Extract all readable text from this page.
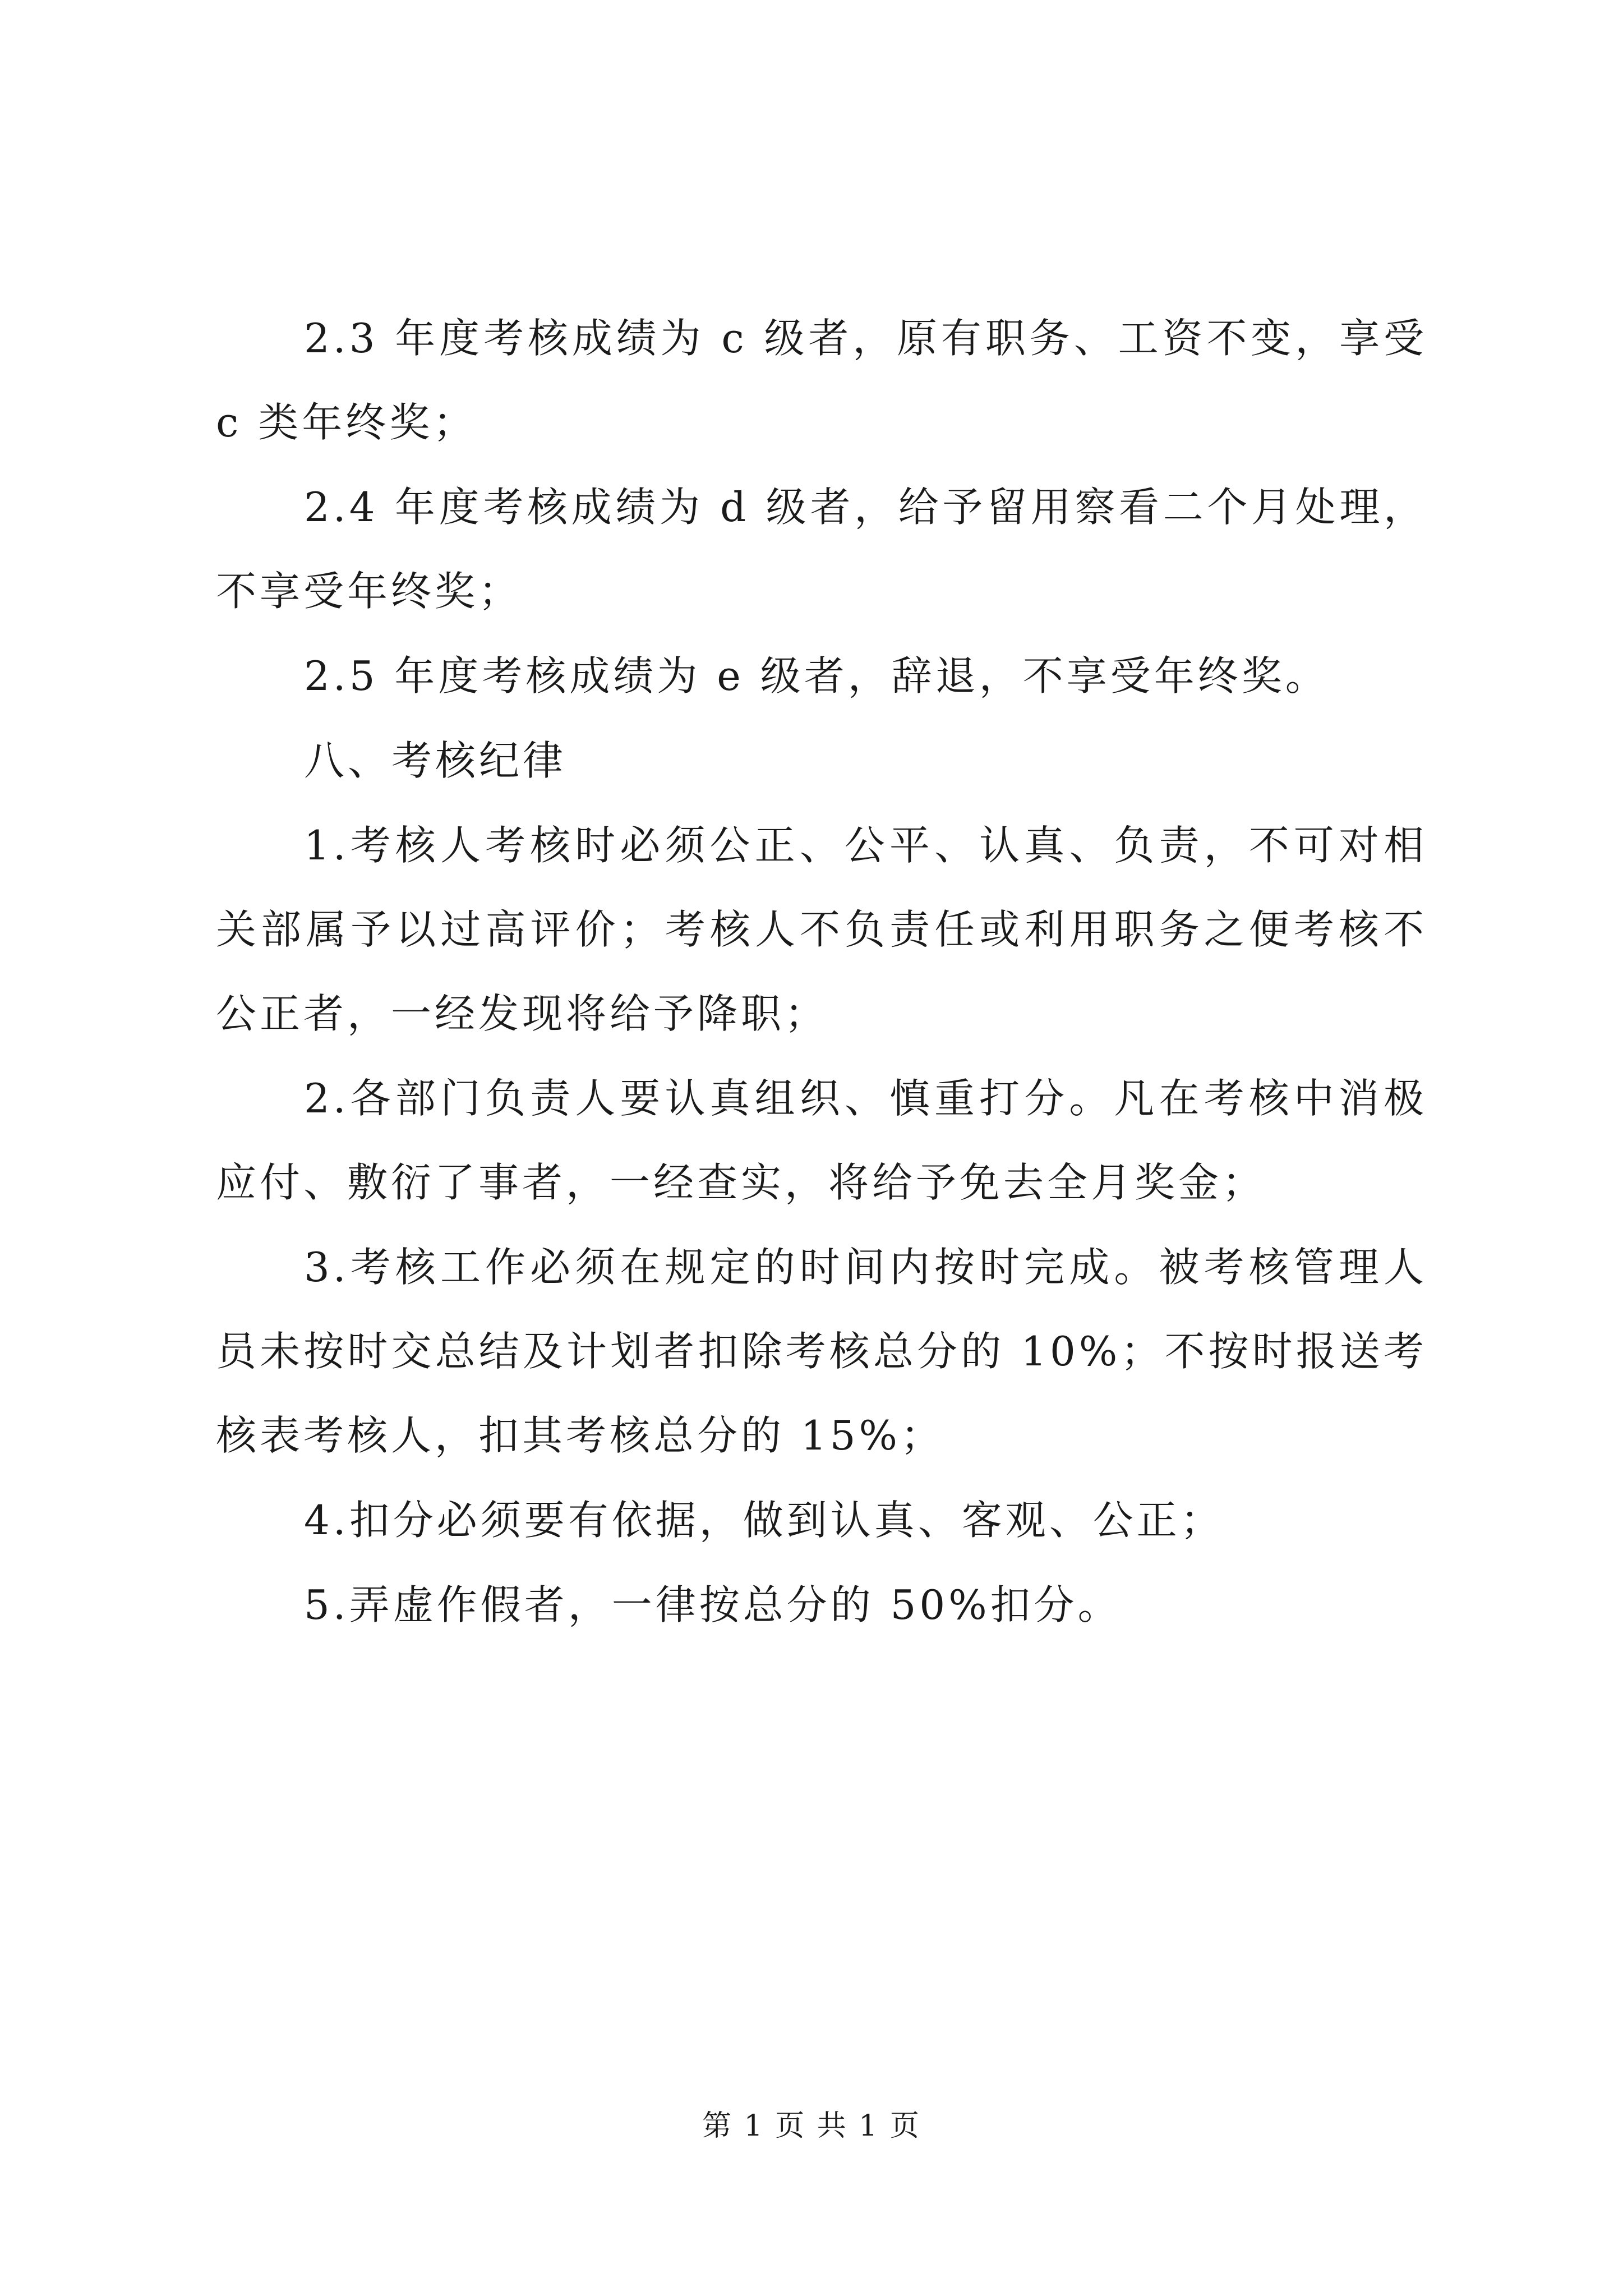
2.3 年度考核成绩为 c 级者，原有职务、工资不变，享受 c 类年终奖；

2.4 年度考核成绩为 d 级者，给予留用察看二个月处理，不享受年终奖；

2.5 年度考核成绩为 e 级者，辞退，不享受年终奖。

八、考核纪律

1.考核人考核时必须公正、公平、认真、负责，不可对相关部属予以过高评价；考核人不负责任或利用职务之便考核不公正者，一经发现将给予降职；

2.各部门负责人要认真组织、慎重打分。凡在考核中消极应付、敷衍了事者，一经查实，将给予免去全月奖金；

3.考核工作必须在规定的时间内按时完成。被考核管理人员未按时交总结及计划者扣除考核总分的 10%；不按时报送考核表考核人，扣其考核总分的 15%；

4.扣分必须要有依据，做到认真、客观、公正；

5.弄虚作假者，一律按总分的 50%扣分。

第 1 页 共 1 页
